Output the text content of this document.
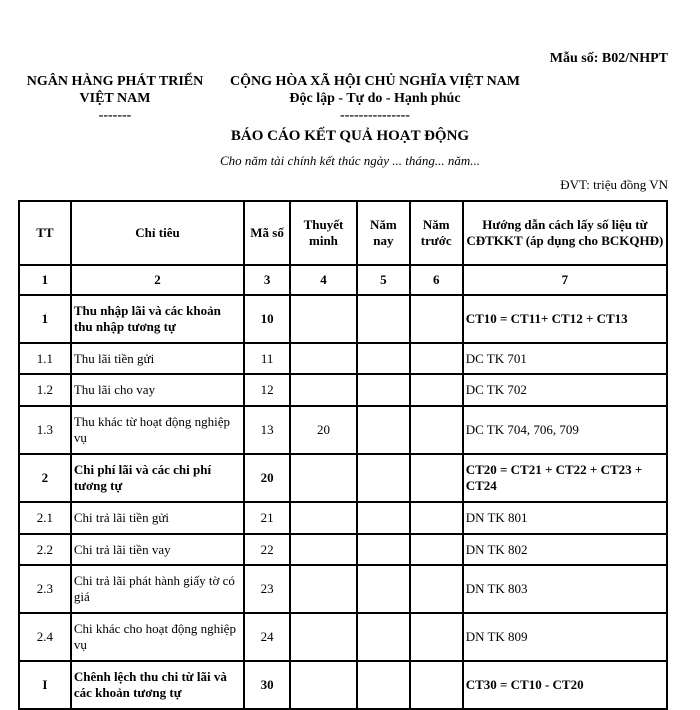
Mẫu số: B02/NHPT
NGÂN HÀNG PHÁT TRIỂN
VIỆT NAM
-------
CỘNG HÒA XÃ HỘI CHỦ NGHĨA VIỆT NAM
Độc lập - Tự do - Hạnh phúc
---------------
BÁO CÁO KẾT QUẢ HOẠT ĐỘNG
Cho năm tài chính kết thúc ngày ... tháng... năm...
ĐVT: triệu đồng VN
TT	Chỉ tiêu	Mã số	Thuyết minh	Năm nay	Năm trước	Hướng dẫn cách lấy số liệu từ CĐTKKT (áp dụng cho BCKQHĐ)
1	2	3	4	5	6	7
1	Thu nhập lãi và các khoản thu nhập tương tự	10				CT10 = CT11+ CT12 + CT13
1.1	Thu lãi tiền gửi	11				DC TK 701
1.2	Thu lãi cho vay	12				DC TK 702
1.3	Thu khác từ hoạt động nghiệp vụ	13	20			DC TK 704, 706, 709
2	Chi phí lãi và các chi phí tương tự	20				CT20 = CT21 + CT22 + CT23 + CT24
2.1	Chi trả lãi tiền gửi	21				DN TK 801
2.2	Chi trả lãi tiền vay	22				DN TK 802
2.3	Chi trả lãi phát hành giấy tờ có giá	23				DN TK 803
2.4	Chi khác cho hoạt động nghiệp vụ	24				DN TK 809
I	Chênh lệch thu chi từ lãi và các khoản tương tự	30				CT30 = CT10 - CT20
